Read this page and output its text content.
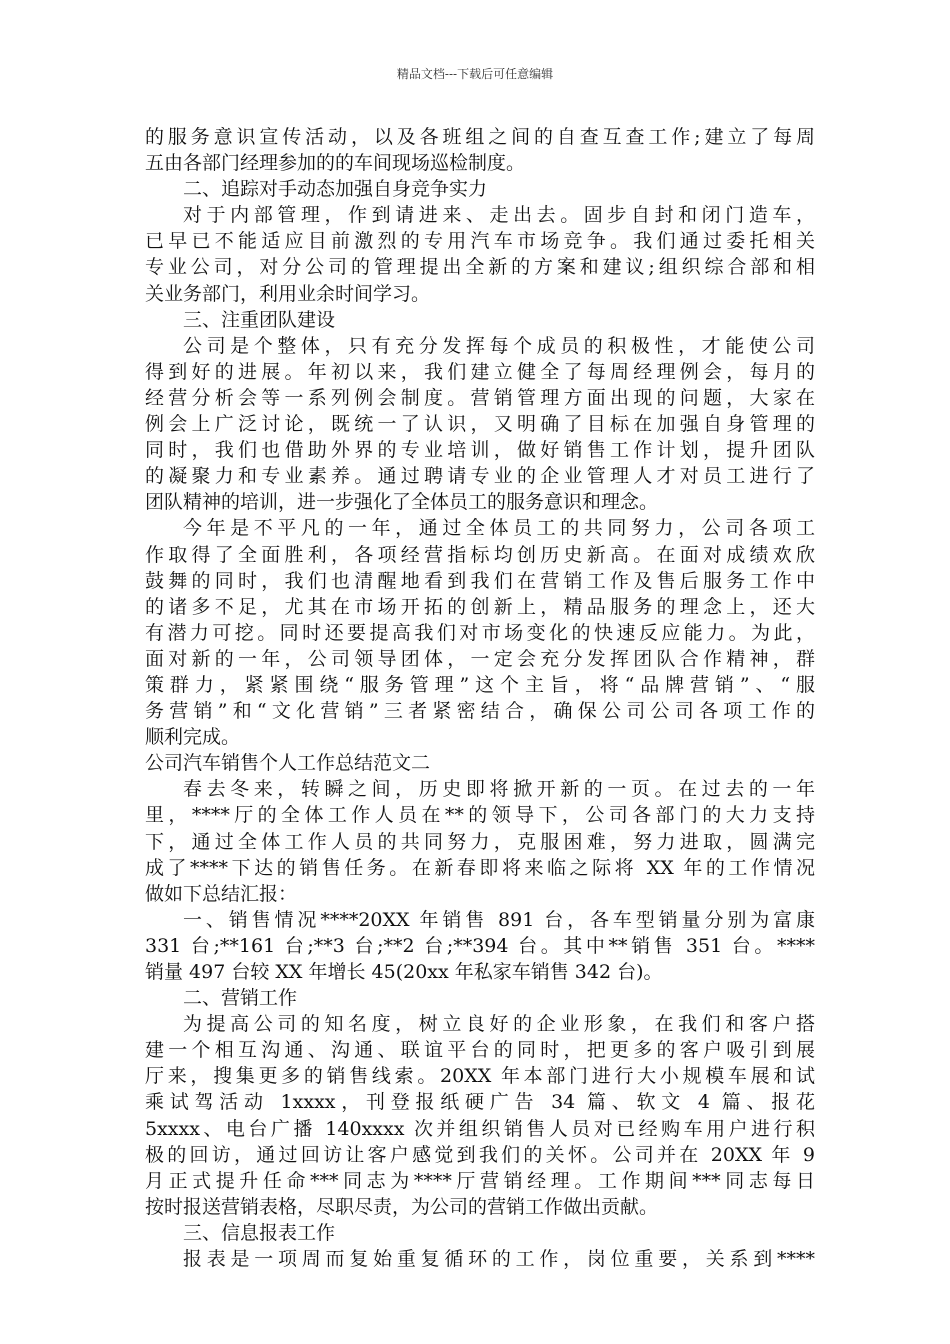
精品文档---下载后可任意编辑
的服务意识宣传活动，以及各班组之间的自查互查工作;建立了每周
五由各部门经理参加的的车间现场巡检制度。
二、追踪对手动态加强自身竞争实力
对于内部管理，作到请进来、走出去。固步自封和闭门造车，
已早已不能适应目前激烈的专用汽车市场竞争。我们通过委托相关
专业公司，对分公司的管理提出全新的方案和建议;组织综合部和相
关业务部门，利用业余时间学习。
三、注重团队建设
公司是个整体，只有充分发挥每个成员的积极性，才能使公司
得到好的进展。年初以来，我们建立健全了每周经理例会，每月的
经营分析会等一系列例会制度。营销管理方面出现的问题，大家在
例会上广泛讨论，既统一了认识，又明确了目标在加强自身管理的
同时，我们也借助外界的专业培训，做好销售工作计划，提升团队
的凝聚力和专业素养。通过聘请专业的企业管理人才对员工进行了
团队精神的培训，进一步强化了全体员工的服务意识和理念。
今年是不平凡的一年，通过全体员工的共同努力，公司各项工
作取得了全面胜利，各项经营指标均创历史新高。在面对成绩欢欣
鼓舞的同时，我们也清醒地看到我们在营销工作及售后服务工作中
的诸多不足，尤其在市场开拓的创新上，精品服务的理念上，还大
有潜力可挖。同时还要提高我们对市场变化的快速反应能力。为此，
面对新的一年，公司领导团体，一定会充分发挥团队合作精神，群
策群力，紧紧围绕“服务管理”这个主旨，将“品牌营销”、“服
务营销”和“文化营销”三者紧密结合，确保公司公司各项工作的
顺利完成。
公司汽车销售个人工作总结范文二
春去冬来，转瞬之间，历史即将掀开新的一页。在过去的一年
里，****厅的全体工作人员在**的领导下，公司各部门的大力支持
下，通过全体工作人员的共同努力，克服困难，努力进取，圆满完
成了****下达的销售任务。在新春即将来临之际将 XX 年的工作情况
做如下总结汇报：
一、销售情况****20XX 年销售 891 台，各车型销量分别为富康
331 台;**161 台;**3 台;**2 台;**394 台。其中**销售 351 台。****
销量 497 台较 XX 年增长 45(20xx 年私家车销售 342 台)。
二、营销工作
为提高公司的知名度，树立良好的企业形象，在我们和客户搭
建一个相互沟通、沟通、联谊平台的同时，把更多的客户吸引到展
厅来，搜集更多的销售线索。20XX 年本部门进行大小规模车展和试
乘试驾活动 1xxxx，刊登报纸硬广告 34 篇、软文 4 篇、报花
5xxxx、电台广播 140xxxx 次并组织销售人员对已经购车用户进行积
极的回访，通过回访让客户感觉到我们的关怀。公司并在 20XX 年 9
月正式提升任命***同志为****厅营销经理。工作期间***同志每日
按时报送营销表格，尽职尽责，为公司的营销工作做出贡献。
三、信息报表工作
报表是一项周而复始重复循环的工作，岗位重要，关系到****
